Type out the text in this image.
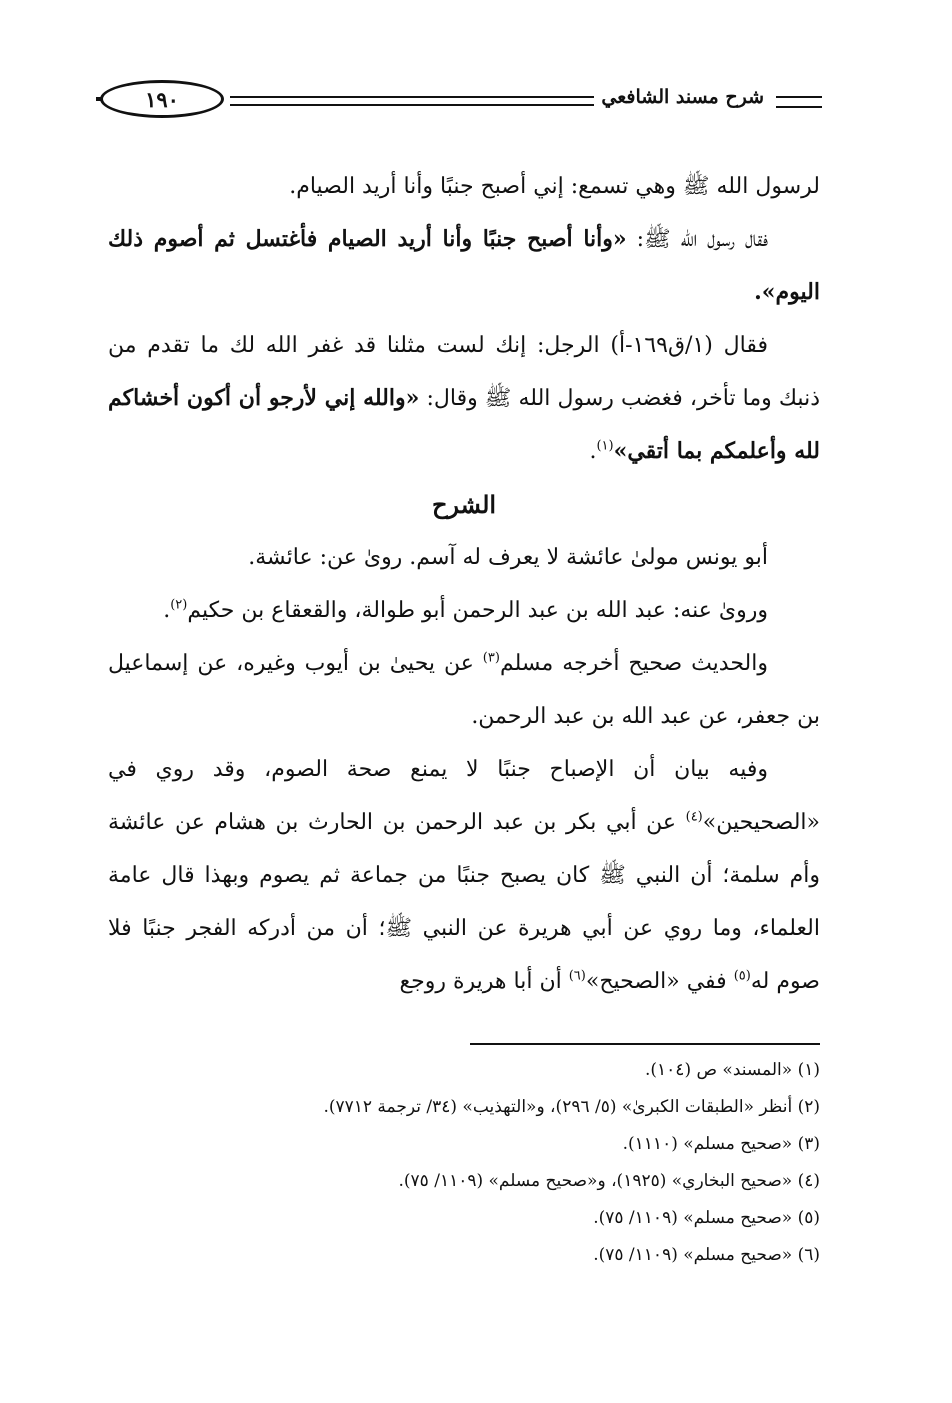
شرح مسند الشافعي
١٩٠

لرسول الله ﷺ وهي تسمع: إني أصبح جنبًا وأنا أريد الصيام.

فقال رسول الله ﷺ: «وأنا أصبح جنبًا وأنا أريد الصيام فأغتسل ثم أصوم ذلك اليوم».

فقال (١/ق١٦٩-أ) الرجل: إنك لست مثلنا قد غفر الله لك ما تقدم من ذنبك وما تأخر، فغضب رسول الله ﷺ وقال: «والله إني لأرجو أن أكون أخشاكم لله وأعلمكم بما أتقي»$^{(١)}$.

الشرح

أبو يونس مولىٰ عائشة لا يعرف له آسم. روىٰ عن: عائشة.

وروىٰ عنه: عبد الله بن عبد الرحمن أبو طوالة، والقعقاع بن حكيم$^{(٢)}$.

والحديث صحيح أخرجه مسلم$^{(٣)}$ عن يحيىٰ بن أيوب وغيره، عن إسماعيل بن جعفر، عن عبد الله بن عبد الرحمن.

وفيه بيان أن الإصباح جنبًا لا يمنع صحة الصوم، وقد روي في «الصحيحين»$^{(٤)}$ عن أبي بكر بن عبد الرحمن بن الحارث بن هشام عن عائشة وأم سلمة؛ أن النبي ﷺ كان يصبح جنبًا من جماعة ثم يصوم وبهذا قال عامة العلماء، وما روي عن أبي هريرة عن النبي ﷺ؛ أن من أدركه الفجر جنبًا فلا صوم له$^{(٥)}$ ففي «الصحيح»$^{(٦)}$ أن أبا هريرة روجع

(١) «المسند» ص (١٠٤).

(٢) أنظر «الطبقات الكبرىٰ» (٥/ ٢٩٦)، و«التهذيب» (٣٤/ ترجمة ٧٧١٢).

(٣) «صحيح مسلم» (١١١٠).

(٤) «صحيح البخاري» (١٩٢٥)، و«صحيح مسلم» (١١٠٩/ ٧٥).

(٥) «صحيح مسلم» (١١٠٩/ ٧٥).

(٦) «صحيح مسلم» (١١٠٩/ ٧٥).
